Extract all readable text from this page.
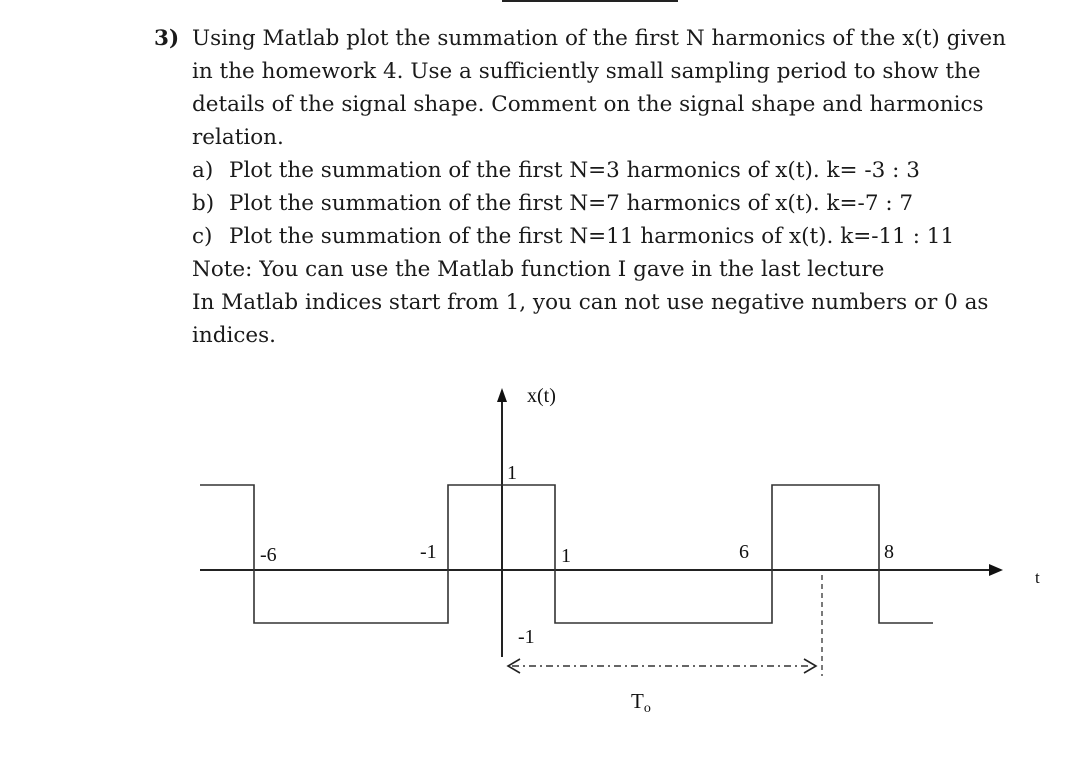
3) Using Matlab plot the summation of the first N harmonics of the x(t) given
in the homework 4. Use a sufficiently small sampling period to show the
details of the signal shape. Comment on the signal shape and harmonics
relation.
a) Plot the summation of the first N=3 harmonics of x(t). k= -3 : 3
b) Plot the summation of the first N=7 harmonics of x(t). k=-7 : 7
c) Plot the summation of the first N=11 harmonics of x(t). k=-11 : 11
Note: You can use the Matlab function I gave in the last lecture
In Matlab indices start from 1, you can not use negative numbers or 0 as
indices.
x(t)
t
1
-1
-6	-1	1	6	8
To
